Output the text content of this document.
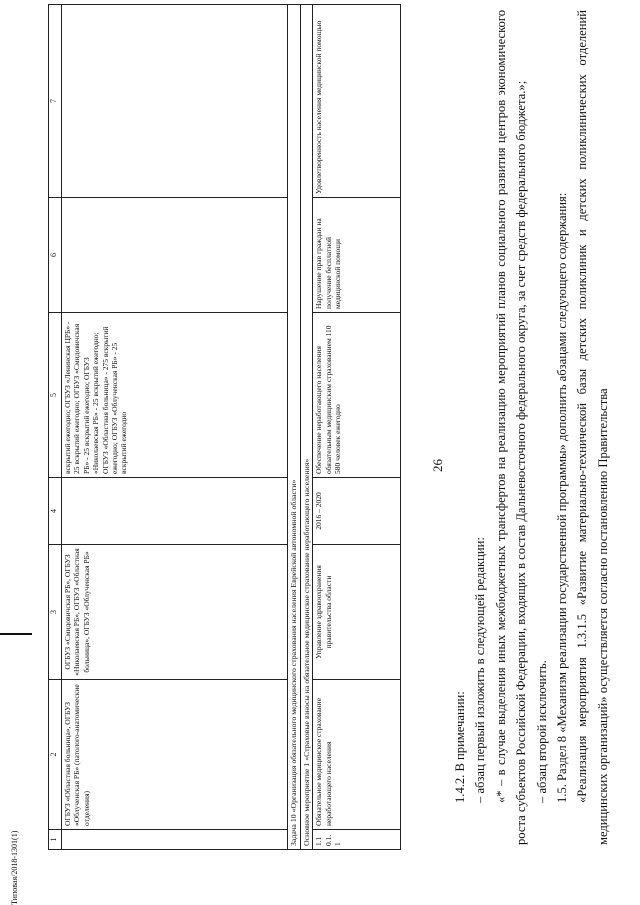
Типовая/2018-1301(1)	1	2	3	4	5	6	7
	ОГБУЗ «Областная больница», ОГБУЗ «Облученская РБ» (патолого-анатомические отделения)	ОГБУЗ «Смидовичская РБ», ОГБУЗ «Николаевская РБ», ОГБУЗ «Областная больница», ОГБУЗ «Облученская РБ»		вскрытий ежегодно; ОГБУЗ «Ленинская ЦРБ» - 25 вскрытий ежегодно; ОГБУЗ «Смидовичская РБ» - 25 вскрытий ежегодно; ОГБУЗ «Николаевская РБ» - 25 вскрытий ежегодно; ОГБУЗ «Областная больница» - 275 вскрытий ежегодно; ОГБУЗ «Облученская РБ» - 25 вскрытий ежегодно		
Задача 10 «Организация обязательного медицинского страхования населения Еврейской автономной области»						
Основное мероприятие 1 «Страховые взносы на обязательное медицинское страхование неработающего населения»						
1.10.1.1	Обязательное медицинское страхование неработающего населения	Управление здравоохранения правительства области	2016 – 2020	Обеспечение неработающего населения обязательным медицинским страхованием 110 580 человек ежегодно	Нарушение прав граждан на получение бесплатной медицинской помощи	Удовлетворенность населения медицинской помощью
26

1.4.2. В примечании: – абзац первый изложить в следующей редакции: «* – в случае выделения иных межбюджетных трансфертов на реализацию мероприятий планов социального развития центров экономического роста субъектов Российской Федерации, входящих в состав Дальневосточного федерального округа, за счет средств федерального бюджета.»; – абзац второй исключить. 1.5. Раздел 8 «Механизм реализации государственной программы» дополнить абзацами следующего содержания: «Реализация мероприятия 1.3.1.5 «Развитие материально-технической базы детских поликлиник и детских поликлинических отделений медицинских организаций» осуществляется согласно постановлению Правительства
